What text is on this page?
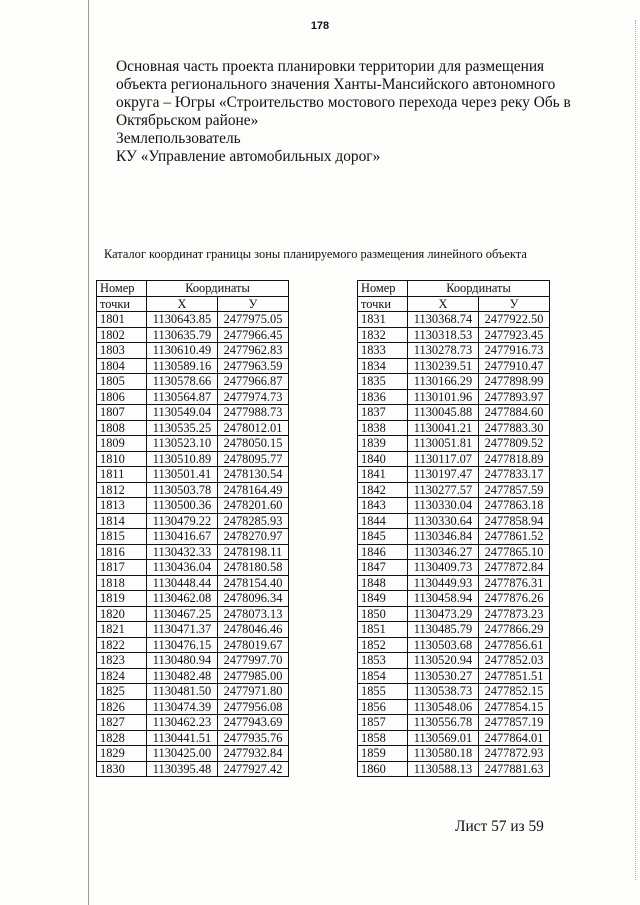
178

Основная часть проекта планировки территории для размещения

объекта регионального значения Ханты-Мансийского автономного

округа – Югры «Строительство мостового перехода через реку Обь в

Октябрьском районе»

Землепользователь

КУ «Управление автомобильных дорог»

Каталог координат границы зоны планируемого размещения линейного объекта
Номер	Координаты	
точки	X	У
1801	1130643.85	2477975.05
1802	1130635.79	2477966.45
1803	1130610.49	2477962.83
1804	1130589.16	2477963.59
1805	1130578.66	2477966.87
1806	1130564.87	2477974.73
1807	1130549.04	2477988.73
1808	1130535.25	2478012.01
1809	1130523.10	2478050.15
1810	1130510.89	2478095.77
1811	1130501.41	2478130.54
1812	1130503.78	2478164.49
1813	1130500.36	2478201.60
1814	1130479.22	2478285.93
1815	1130416.67	2478270.97
1816	1130432.33	2478198.11
1817	1130436.04	2478180.58
1818	1130448.44	2478154.40
1819	1130462.08	2478096.34
1820	1130467.25	2478073.13
1821	1130471.37	2478046.46
1822	1130476.15	2478019.67
1823	1130480.94	2477997.70
1824	1130482.48	2477985.00
1825	1130481.50	2477971.80
1826	1130474.39	2477956.08
1827	1130462.23	2477943.69
1828	1130441.51	2477935.76
1829	1130425.00	2477932.84
1830	1130395.48	2477927.42
Номер	Координаты	
точки	X	У
1831	1130368.74	2477922.50
1832	1130318.53	2477923.45
1833	1130278.73	2477916.73
1834	1130239.51	2477910.47
1835	1130166.29	2477898.99
1836	1130101.96	2477893.97
1837	1130045.88	2477884.60
1838	1130041.21	2477883.30
1839	1130051.81	2477809.52
1840	1130117.07	2477818.89
1841	1130197.47	2477833.17
1842	1130277.57	2477857.59
1843	1130330.04	2477863.18
1844	1130330.64	2477858.94
1845	1130346.84	2477861.52
1846	1130346.27	2477865.10
1847	1130409.73	2477872.84
1848	1130449.93	2477876.31
1849	1130458.94	2477876.26
1850	1130473.29	2477873.23
1851	1130485.79	2477866.29
1852	1130503.68	2477856.61
1853	1130520.94	2477852.03
1854	1130530.27	2477851.51
1855	1130538.73	2477852.15
1856	1130548.06	2477854.15
1857	1130556.78	2477857.19
1858	1130569.01	2477864.01
1859	1130580.18	2477872.93
1860	1130588.13	2477881.63
Лист 57 из 59
